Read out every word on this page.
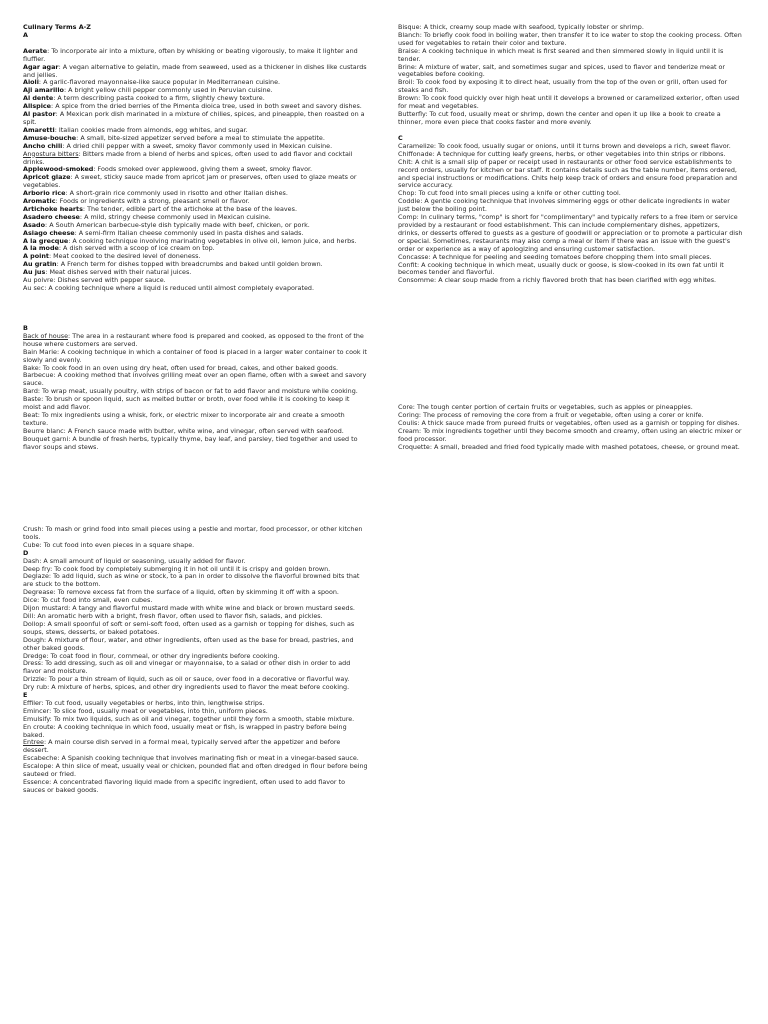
Culinary Terms A-Z
A
Aerate: To incorporate air into a mixture, often by whisking or beating vigorously, to make it lighter and fluffier.
Agar agar: A vegan alternative to gelatin, made from seaweed, used as a thickener in dishes like custards and jellies.
Aioli: A garlic-flavored mayonnaise-like sauce popular in Mediterranean cuisine.
Aji amarillo: A bright yellow chili pepper commonly used in Peruvian cuisine.
Al dente: A term describing pasta cooked to a firm, slightly chewy texture.
Allspice: A spice from the dried berries of the Pimenta dioica tree, used in both sweet and savory dishes.
Al pastor: A Mexican pork dish marinated in a mixture of chilies, spices, and pineapple, then roasted on a spit.
Amaretti: Italian cookies made from almonds, egg whites, and sugar.
Amuse-bouche: A small, bite-sized appetizer served before a meal to stimulate the appetite.
Ancho chili: A dried chili pepper with a sweet, smoky flavor commonly used in Mexican cuisine.
Angostura bitters: Bitters made from a blend of herbs and spices, often used to add flavor and cocktail drinks.
Applewood-smoked: Foods smoked over applewood, giving them a sweet, smoky flavor.
Apricot glaze: A sweet, sticky sauce made from apricot jam or preserves, often used to glaze meats or vegetables.
Arborio rice: A short-grain rice commonly used in risotto and other Italian dishes.
Aromatic: Foods or ingredients with a strong, pleasant smell or flavor.
Artichoke hearts: The tender, edible part of the artichoke at the base of the leaves.
Asadero cheese: A mild, stringy cheese commonly used in Mexican cuisine.
Asado: A South American barbecue-style dish typically made with beef, chicken, or pork.
Asiago cheese: A semi-firm Italian cheese commonly used in pasta dishes and salads.
A la grecque: A cooking technique involving marinating vegetables in olive oil, lemon juice, and herbs.
A la mode: A dish served with a scoop of ice cream on top.
A point: Meat cooked to the desired level of doneness.
Au gratin: A French term for dishes topped with breadcrumbs and baked until golden brown.
Au jus: Meat dishes served with their natural juices.
Au poivre: Dishes served with pepper sauce.
Au sec: A cooking technique where a liquid is reduced until almost completely evaporated.
B
Back of house: The area in a restaurant where food is prepared and cooked, as opposed to the front of the house where customers are served.
Bain Marie: A cooking technique in which a container of food is placed in a larger water container to cook it slowly and evenly.
Bake: To cook food in an oven using dry heat, often used for bread, cakes, and other baked goods.
Barbecue: A cooking method that involves grilling meat over an open flame, often with a sweet and savory sauce.
Bard: To wrap meat, usually poultry, with strips of bacon or fat to add flavor and moisture while cooking.
Baste: To brush or spoon liquid, such as melted butter or broth, over food while it is cooking to keep it moist and add flavor.
Beat: To mix ingredients using a whisk, fork, or electric mixer to incorporate air and create a smooth texture.
Beurre blanc: A French sauce made with butter, white wine, and vinegar, often served with seafood.
Bouquet garni: A bundle of fresh herbs, typically thyme, bay leaf, and parsley, tied together and used to flavor soups and stews.
Crush: To mash or grind food into small pieces using a pestle and mortar, food processor, or other kitchen tools.
Cube: To cut food into even pieces in a square shape.
D
Dash: A small amount of liquid or seasoning, usually added for flavor.
Deep fry: To cook food by completely submerging it in hot oil until it is crispy and golden brown.
Deglaze: To add liquid, such as wine or stock, to a pan in order to dissolve the flavorful browned bits that are stuck to the bottom.
Degrease: To remove excess fat from the surface of a liquid, often by skimming it off with a spoon.
Dice: To cut food into small, even cubes.
Dijon mustard: A tangy and flavorful mustard made with white wine and black or brown mustard seeds.
Dill: An aromatic herb with a bright, fresh flavor, often used to flavor fish, salads, and pickles.
Dollop: A small spoonful of soft or semi-soft food, often used as a garnish or topping for dishes, such as soups, stews, desserts, or baked potatoes.
Dough: A mixture of flour, water, and other ingredients, often used as the base for bread, pastries, and other baked goods.
Dredge: To coat food in flour, cornmeal, or other dry ingredients before cooking.
Dress: To add dressing, such as oil and vinegar or mayonnaise, to a salad or other dish in order to add flavor and moisture.
Drizzle: To pour a thin stream of liquid, such as oil or sauce, over food in a decorative or flavorful way.
Dry rub: A mixture of herbs, spices, and other dry ingredients used to flavor the meat before cooking.
E
Effiler: To cut food, usually vegetables or herbs, into thin, lengthwise strips.
Emincer: To slice food, usually meat or vegetables, into thin, uniform pieces.
Emulsify: To mix two liquids, such as oil and vinegar, together until they form a smooth, stable mixture.
En croute: A cooking technique in which food, usually meat or fish, is wrapped in pastry before being baked.
Entree: A main course dish served in a formal meal, typically served after the appetizer and before dessert.
Escabeche: A Spanish cooking technique that involves marinating fish or meat in a vinegar-based sauce.
Escalope: A thin slice of meat, usually veal or chicken, pounded flat and often dredged in flour before being sauteed or fried.
Essence: A concentrated flavoring liquid made from a specific ingredient, often used to add flavor to sauces or baked goods.
Bisque: A thick, creamy soup made with seafood, typically lobster or shrimp.
Blanch: To briefly cook food in boiling water, then transfer it to ice water to stop the cooking process. Often used for vegetables to retain their color and texture.
Braise: A cooking technique in which meat is first seared and then simmered slowly in liquid until it is tender.
Brine: A mixture of water, salt, and sometimes sugar and spices, used to flavor and tenderize meat or vegetables before cooking.
Broil: To cook food by exposing it to direct heat, usually from the top of the oven or grill, often used for steaks and fish.
Brown: To cook food quickly over high heat until it develops a browned or caramelized exterior, often used for meat and vegetables.
Butterfly: To cut food, usually meat or shrimp, down the center and open it up like a book to create a thinner, more even piece that cooks faster and more evenly.
C
Caramelize: To cook food, usually sugar or onions, until it turns brown and develops a rich, sweet flavor.
Chiffonade: A technique for cutting leafy greens, herbs, or other vegetables into thin strips or ribbons.
Chit: A chit is a small slip of paper or receipt used in restaurants or other food service establishments to record orders, usually for kitchen or bar staff. It contains details such as the table number, items ordered, and special instructions or modifications. Chits help keep track of orders and ensure food preparation and service accuracy.
Chop: To cut food into small pieces using a knife or other cutting tool.
Coddle: A gentle cooking technique that involves simmering eggs or other delicate ingredients in water just below the boiling point.
Comp: In culinary terms, "comp" is short for "complimentary" and typically refers to a free item or service provided by a restaurant or food establishment. This can include complementary dishes, appetizers, drinks, or desserts offered to guests as a gesture of goodwill or appreciation or to promote a particular dish or special. Sometimes, restaurants may also comp a meal or item if there was an issue with the guest's order or experience as a way of apologizing and ensuring customer satisfaction.
Concasse: A technique for peeling and seeding tomatoes before chopping them into small pieces.
Confit: A cooking technique in which meat, usually duck or goose, is slow-cooked in its own fat until it becomes tender and flavorful.
Consomme: A clear soup made from a richly flavored broth that has been clarified with egg whites.
Core: The tough center portion of certain fruits or vegetables, such as apples or pineapples.
Coring: The process of removing the core from a fruit or vegetable, often using a corer or knife.
Coulis: A thick sauce made from pureed fruits or vegetables, often used as a garnish or topping for dishes.
Cream: To mix ingredients together until they become smooth and creamy, often using an electric mixer or food processor.
Croquette: A small, breaded and fried food typically made with mashed potatoes, cheese, or ground meat.
